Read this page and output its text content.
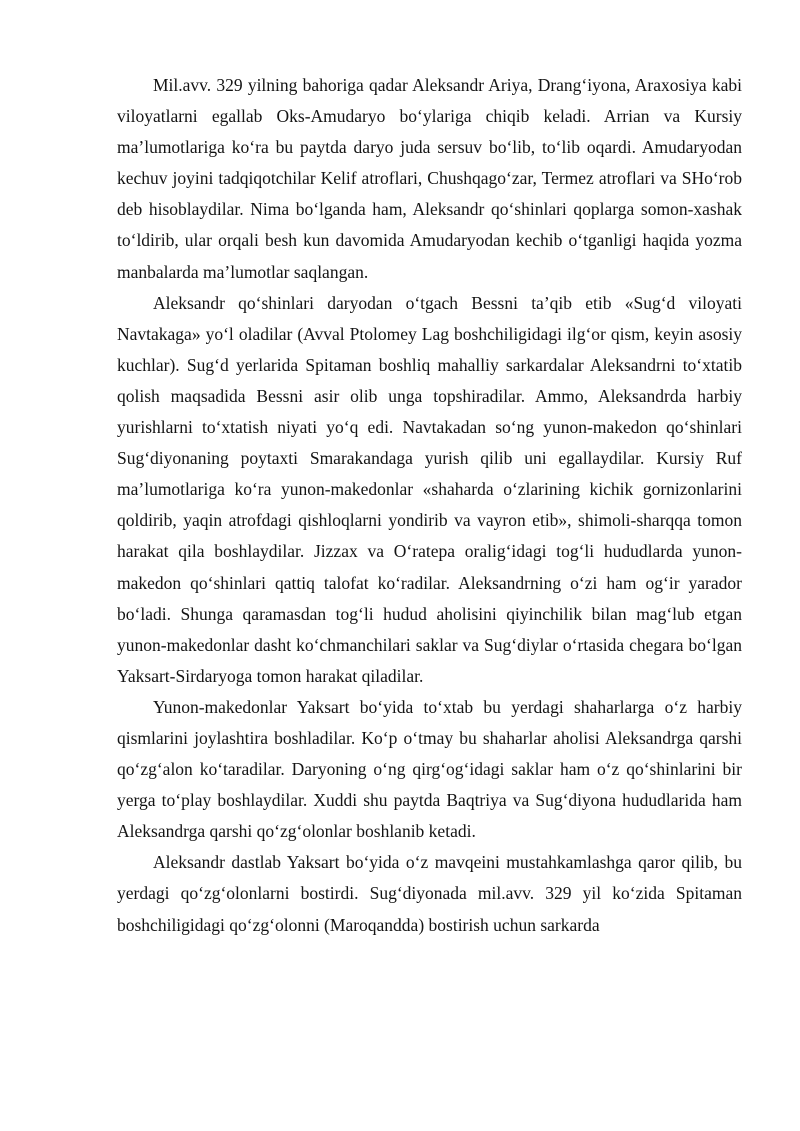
Mil.avv. 329 yilning bahoriga qadar Aleksandr Ariya, Drang‘iyona, Araxosiya kabi viloyatlarni egallab Oks-Amudaryo bo‘ylariga chiqib keladi. Arrian va Kursiy ma’lumotlariga ko‘ra bu paytda daryo juda sersuv bo‘lib, to‘lib oqardi. Amudaryodan kechuv joyini tadqiqotchilar Kelif atroflari, Chushqago‘zar, Termez atroflari va SHo‘rob deb hisoblaydilar. Nima bo‘lganda ham, Aleksandr qo‘shinlari qoplarga somon-xashak to‘ldirib, ular orqali besh kun davomida Amudaryodan kechib o‘tganligi haqida yozma manbalarda ma’lumotlar saqlangan.

Aleksandr qo‘shinlari daryodan o‘tgach Bessni ta’qib etib «Sug‘d viloyati Navtakaga» yo‘l oladilar (Avval Ptolomey Lag boshchiligidagi ilg‘or qism, keyin asosiy kuchlar). Sug‘d yerlarida Spitaman boshliq mahalliy sarkardalar Aleksandrni to‘xtatib qolish maqsadida Bessni asir olib unga topshiradilar. Ammo, Aleksandrda harbiy yurishlarni to‘xtatish niyati yo‘q edi. Navtakadan so‘ng yunon-makedon qo‘shinlari Sug‘diyonaning poytaxti Smarakandaga yurish qilib uni egallaydilar. Kursiy Ruf ma’lumotlariga ko‘ra yunon-makedonlar «shaharda o‘zlarining kichik gornizonlarini qoldirib, yaqin atrofdagi qishloqlarni yondirib va vayron etib», shimoli-sharqqa tomon harakat qila boshlaydilar. Jizzax va O‘ratepa oralig‘idagi tog‘li hududlarda yunon-makedon qo‘shinlari qattiq talofat ko‘radilar. Aleksandrning o‘zi ham og‘ir yarador bo‘ladi. Shunga qaramasdan tog‘li hudud aholisini qiyinchilik bilan mag‘lub etgan yunon-makedonlar dasht ko‘chmanchilari saklar va Sug‘diylar o‘rtasida chegara bo‘lgan Yaksart-Sirdaryoga tomon harakat qiladilar.

Yunon-makedonlar Yaksart bo‘yida to‘xtab bu yerdagi shaharlarga o‘z harbiy qismlarini joylashtira boshladilar. Ko‘p o‘tmay bu shaharlar aholisi Aleksandrga qarshi qo‘zg‘alon ko‘taradilar. Daryoning o‘ng qirg‘og‘idagi saklar ham o‘z qo‘shinlarini bir yerga to‘play boshlaydilar. Xuddi shu paytda Baqtriya va Sug‘diyona hududlarida ham Aleksandrga qarshi qo‘zg‘olonlar boshlanib ketadi.

Aleksandr dastlab Yaksart bo‘yida o‘z mavqeini mustahkamlashga qaror qilib, bu yerdagi qo‘zg‘olonlarni bostirdi. Sug‘diyonada mil.avv. 329 yil ko‘zida Spitaman boshchiligidagi qo‘zg‘olonni (Maroqandda) bostirish uchun sarkarda
